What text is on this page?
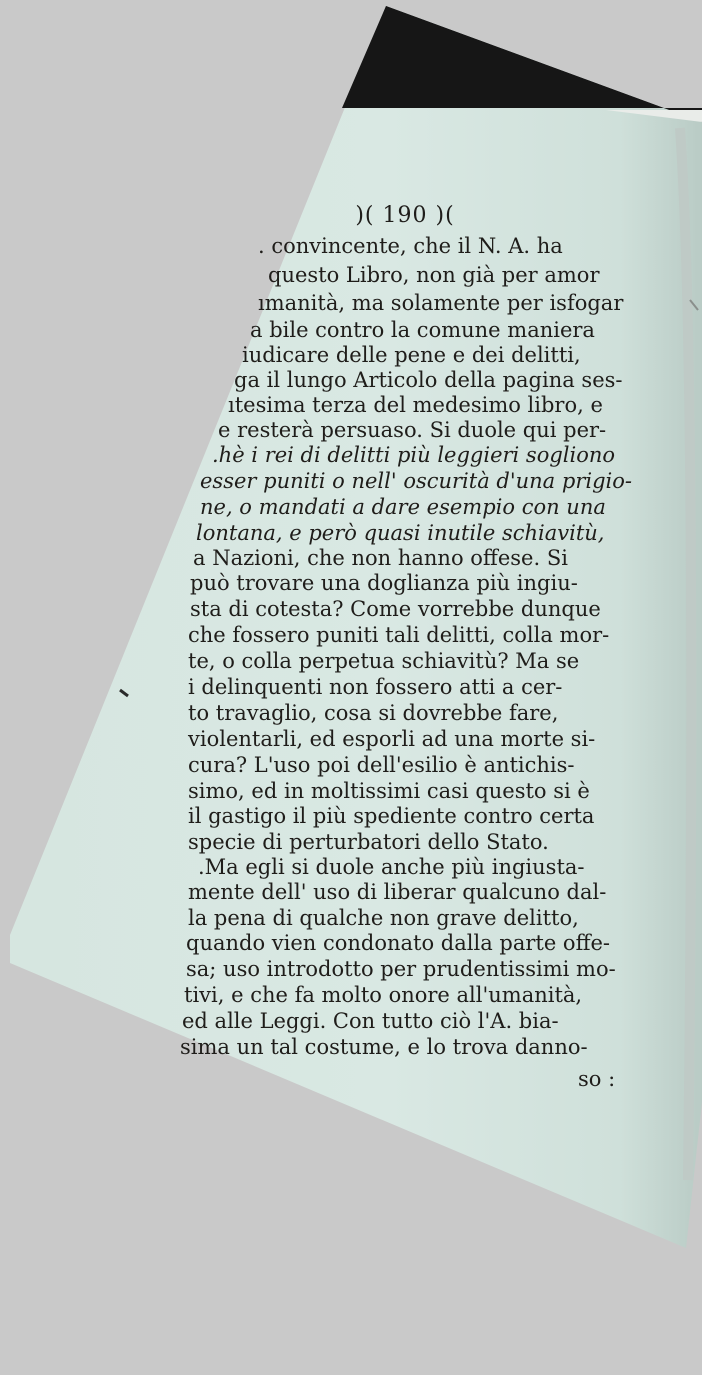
)( 190 )(
. convincente, che il N. A. ha
questo Libro, non già per amor
ımanità, ma solamente per isfogar
a bile contro la comune maniera
iudicare delle pene e dei delitti,
ga il lungo Articolo della pagina ses-
ıtesima terza del medesimo libro, e
e resterà persuaso. Si duole qui per-
.hè i rei di delitti più leggieri sogliono
esser puniti o nell' oscurità d'una prigio-
ne, o mandati a dare esempio con una
lontana, e però quasi inutile schiavitù,
a Nazioni, che non hanno offese. Si
può trovare una doglianza più ingiu-
sta di cotesta? Come vorrebbe dunque
che fossero puniti tali delitti, colla mor-
te, o colla perpetua schiavitù? Ma se
i delinquenti non fossero atti a cer-
to travaglio, cosa si dovrebbe fare,
violentarli, ed esporli ad una morte si-
cura? L'uso poi dell'esilio è antichis-
simo, ed in moltissimi casi questo si è
il gastigo il più spediente contro certa
specie di perturbatori dello Stato.
.Ma egli si duole anche più ingiusta-
mente dell' uso di liberar qualcuno dal-
la pena di qualche non grave delitto,
quando vien condonato dalla parte offe-
sa; uso introdotto per prudentissimi mo-
tivi, e che fa molto onore all'umanità,
ed alle Leggi. Con tutto ciò l'A. bia-
sima un tal costume, e lo trova danno-
so :
